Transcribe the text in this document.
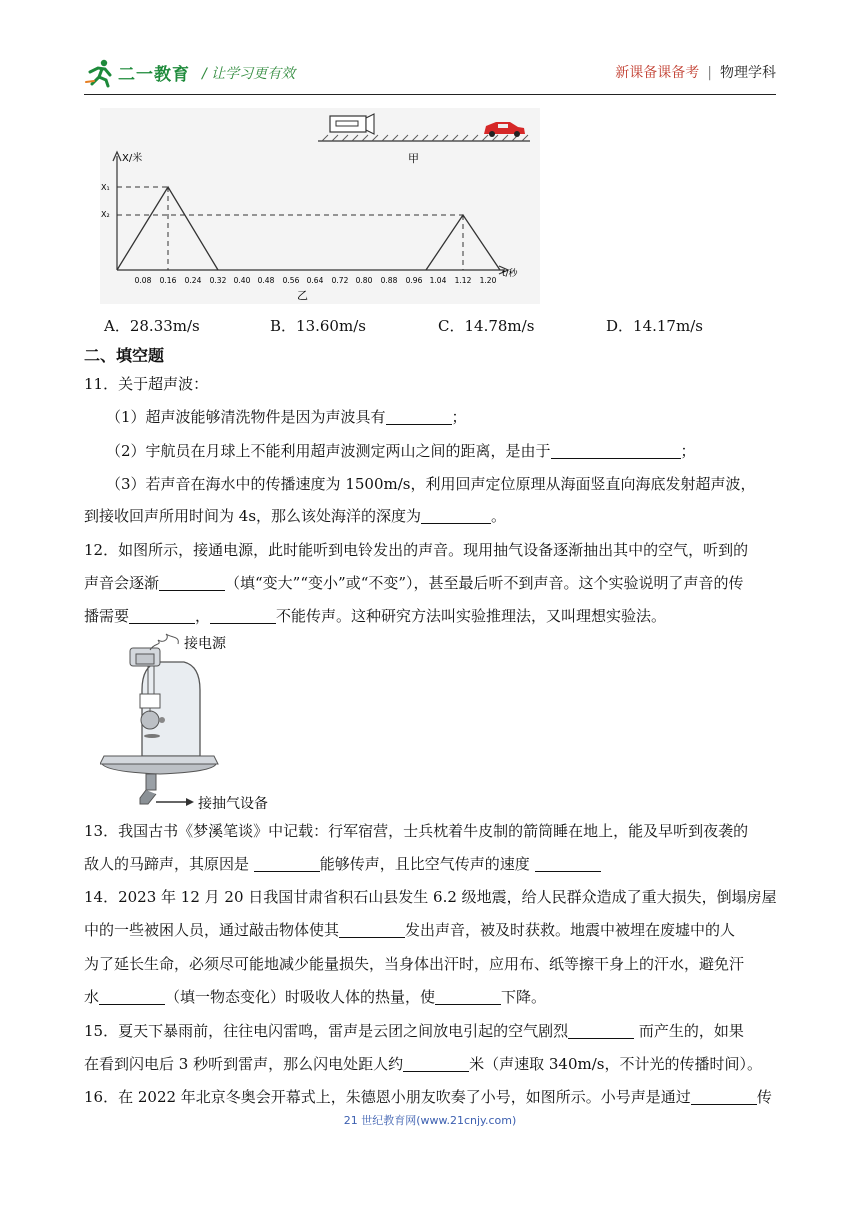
二一教育 / 让学习更有效	新课备课备考 | 物理学科
甲
X/米
t/秒
X₁
X₂
0.08 0.16 0.24 0.32 0.40 0.48 0.56 0.64 0.72 0.80 0.88 0.96 1.04 1.12 1.20
乙
A．28.33m/s	B．13.60m/s	C．14.78m/s	D．14.17m/s
二、填空题
11．关于超声波：
（1）超声波能够清洗物件是因为声波具有	；
（2）宇航员在月球上不能利用超声波测定两山之间的距离，是由于	；
（3）若声音在海水中的传播速度为 1500m/s，利用回声定位原理从海面竖直向海底发射超声波，
到接收回声所用时间为 4s，那么该处海洋的深度为	。
12．如图所示，接通电源，此时能听到电铃发出的声音。现用抽气设备逐渐抽出其中的空气，听到的
声音会逐渐	（填“变大”“变小”或“不变”），甚至最后听不到声音。这个实验说明了声音的传
播需要	，	不能传声。这种研究方法叫实验推理法，又叫理想实验法。
接电源
接抽气设备
13．我国古书《梦溪笔谈》中记载：行军宿营，士兵枕着牛皮制的箭筒睡在地上，能及早听到夜袭的
敌人的马蹄声，其原因是	能够传声，且比空气传声的速度
14．2023 年 12 月 20 日我国甘肃省积石山县发生 6.2 级地震，给人民群众造成了重大损失，倒塌房屋
中的一些被困人员，通过敲击物体使其	发出声音，被及时获救。地震中被埋在废墟中的人
为了延长生命，必须尽可能地减少能量损失，当身体出汗时，应用布、纸等擦干身上的汗水，避免汗
水	（填一物态变化）时吸收人体的热量，使	下降。
15．夏天下暴雨前，往往电闪雷鸣，雷声是云团之间放电引起的空气剧烈	而产生的，如果
在看到闪电后 3 秒听到雷声，那么闪电处距人约	米（声速取 340m/s，不计光的传播时间）。
16．在 2022 年北京冬奥会开幕式上，朱德恩小朋友吹奏了小号，如图所示。小号声是通过	传
21 世纪教育网(www.21cnjy.com)
